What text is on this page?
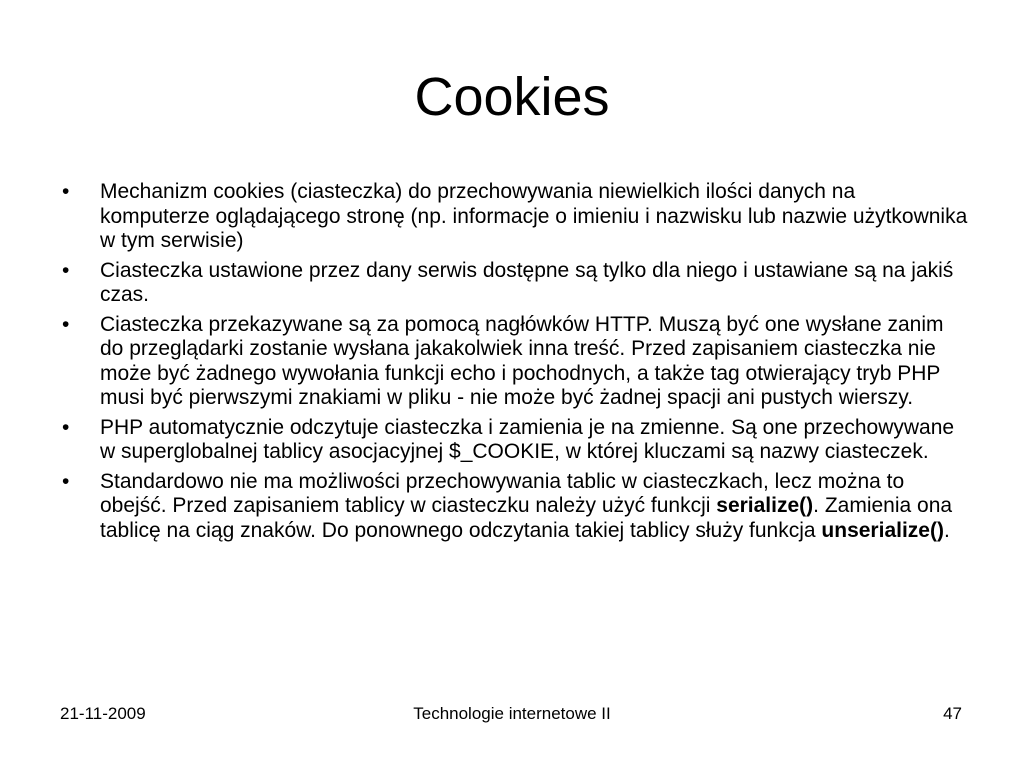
Cookies
• Mechanizm cookies (ciasteczka) do przechowywania niewielkich ilości danych na komputerze oglądającego stronę (np. informacje o imieniu i nazwisku lub nazwie użytkownika w tym serwisie)
• Ciasteczka ustawione przez dany serwis dostępne są tylko dla niego i ustawiane są na jakiś czas.
• Ciasteczka przekazywane są za pomocą nagłówków HTTP. Muszą być one wysłane zanim do przeglądarki zostanie wysłana jakakolwiek inna treść. Przed zapisaniem ciasteczka nie może być żadnego wywołania funkcji echo i pochodnych, a także tag otwierający tryb PHP musi być pierwszymi znakiami w pliku - nie może być żadnej spacji ani pustych wierszy.
• PHP automatycznie odczytuje ciasteczka i zamienia je na zmienne. Są one przechowywane w superglobalnej tablicy asocjacyjnej $_COOKIE, w której kluczami są nazwy ciasteczek.
• Standardowo nie ma możliwości przechowywania tablic w ciasteczkach, lecz można to obejść. Przed zapisaniem tablicy w ciasteczku należy użyć funkcji serialize(). Zamienia ona tablicę na ciąg znaków. Do ponownego odczytania takiej tablicy służy funkcja unserialize().
Technologie internetowe II
21-11-2009	47
